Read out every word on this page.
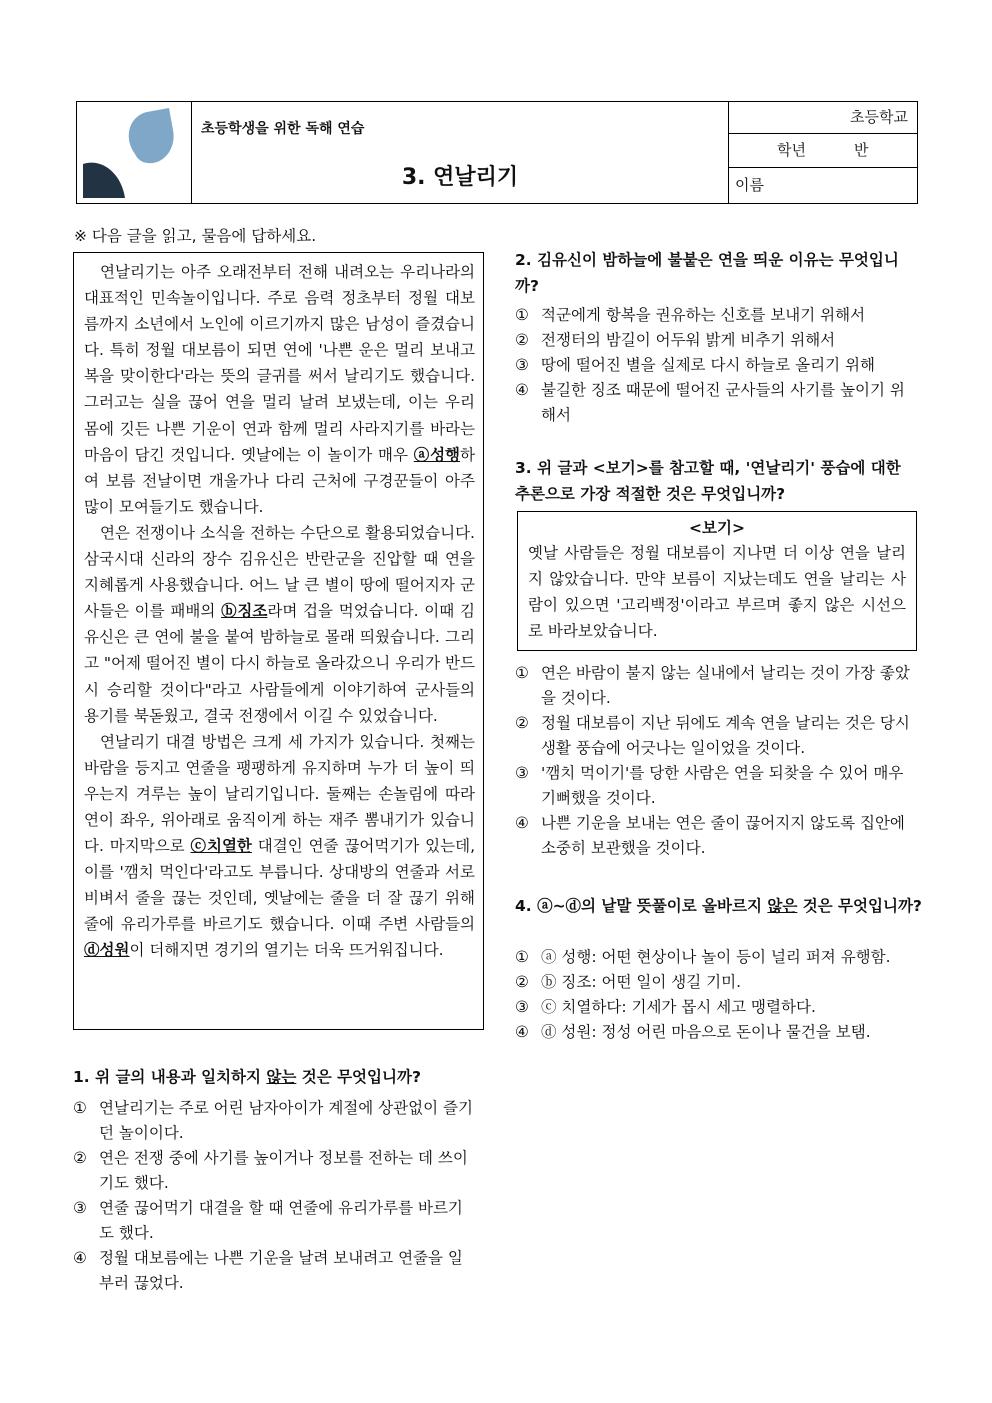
초등학생을 위한 독해 연습
3. 연날리기
초등학교
학년	반
이름
※ 다음 글을 읽고, 물음에 답하세요.

연날리기는 아주 오래전부터 전해 내려오는 우리나라의 대표적인 민속놀이입니다. 주로 음력 정초부터 정월 대보름까지 소년에서 노인에 이르기까지 많은 남성이 즐겼습니다. 특히 정월 대보름이 되면 연에 '나쁜 운은 멀리 보내고 복을 맞이한다'라는 뜻의 글귀를 써서 날리기도 했습니다. 그러고는 실을 끊어 연을 멀리 날려 보냈는데, 이는 우리 몸에 깃든 나쁜 기운이 연과 함께 멀리 사라지기를 바라는 마음이 담긴 것입니다. 옛날에는 이 놀이가 매우 ⓐ성행하여 보름 전날이면 개울가나 다리 근처에 구경꾼들이 아주 많이 모여들기도 했습니다.

연은 전쟁이나 소식을 전하는 수단으로 활용되었습니다. 삼국시대 신라의 장수 김유신은 반란군을 진압할 때 연을 지혜롭게 사용했습니다. 어느 날 큰 별이 땅에 떨어지자 군사들은 이를 패배의 ⓑ징조라며 겁을 먹었습니다. 이때 김유신은 큰 연에 불을 붙여 밤하늘로 몰래 띄웠습니다. 그리고 "어제 떨어진 별이 다시 하늘로 올라갔으니 우리가 반드시 승리할 것이다"라고 사람들에게 이야기하여 군사들의 용기를 북돋웠고, 결국 전쟁에서 이길 수 있었습니다.

연날리기 대결 방법은 크게 세 가지가 있습니다. 첫째는 바람을 등지고 연줄을 팽팽하게 유지하며 누가 더 높이 띄우는지 겨루는 높이 날리기입니다. 둘째는 손놀림에 따라 연이 좌우, 위아래로 움직이게 하는 재주 뽐내기가 있습니다. 마지막으로 ⓒ치열한 대결인 연줄 끊어먹기가 있는데, 이를 '깸치 먹인다'라고도 부릅니다. 상대방의 연줄과 서로 비벼서 줄을 끊는 것인데, 옛날에는 줄을 더 잘 끊기 위해 줄에 유리가루를 바르기도 했습니다. 이때 주변 사람들의 ⓓ성원이 더해지면 경기의 열기는 더욱 뜨거워집니다.

1. 위 글의 내용과 일치하지 않는 것은 무엇입니까?

① 연날리기는 주로 어린 남자아이가 계절에 상관없이 즐기던 놀이이다.
② 연은 전쟁 중에 사기를 높이거나 정보를 전하는 데 쓰이기도 했다.
③ 연줄 끊어먹기 대결을 할 때 연줄에 유리가루를 바르기도 했다.
④ 정월 대보름에는 나쁜 기운을 날려 보내려고 연줄을 일부러 끊었다.

2. 김유신이 밤하늘에 불붙은 연을 띄운 이유는 무엇입니까?

① 적군에게 항복을 권유하는 신호를 보내기 위해서
② 전쟁터의 밤길이 어두워 밝게 비추기 위해서
③ 땅에 떨어진 별을 실제로 다시 하늘로 올리기 위해
④ 불길한 징조 때문에 떨어진 군사들의 사기를 높이기 위해서

3. 위 글과 <보기>를 참고할 때, '연날리기' 풍습에 대한 추론으로 가장 적절한 것은 무엇입니까?

<보기>
옛날 사람들은 정월 대보름이 지나면 더 이상 연을 날리지 않았습니다. 만약 보름이 지났는데도 연을 날리는 사람이 있으면 '고리백정'이라고 부르며 좋지 않은 시선으로 바라보았습니다.
① 연은 바람이 불지 않는 실내에서 날리는 것이 가장 좋았을 것이다.
② 정월 대보름이 지난 뒤에도 계속 연을 날리는 것은 당시 생활 풍습에 어긋나는 일이었을 것이다.
③ '깸치 먹이기'를 당한 사람은 연을 되찾을 수 있어 매우 기뻐했을 것이다.
④ 나쁜 기운을 보내는 연은 줄이 끊어지지 않도록 집안에 소중히 보관했을 것이다.

4. ⓐ~ⓓ의 낱말 뜻풀이로 올바르지 않은 것은 무엇입니까?

① ⓐ 성행: 어떤 현상이나 놀이 등이 널리 퍼져 유행함.
② ⓑ 징조: 어떤 일이 생길 기미.
③ ⓒ 치열하다: 기세가 몹시 세고 맹렬하다.
④ ⓓ 성원: 정성 어린 마음으로 돈이나 물건을 보탬.
